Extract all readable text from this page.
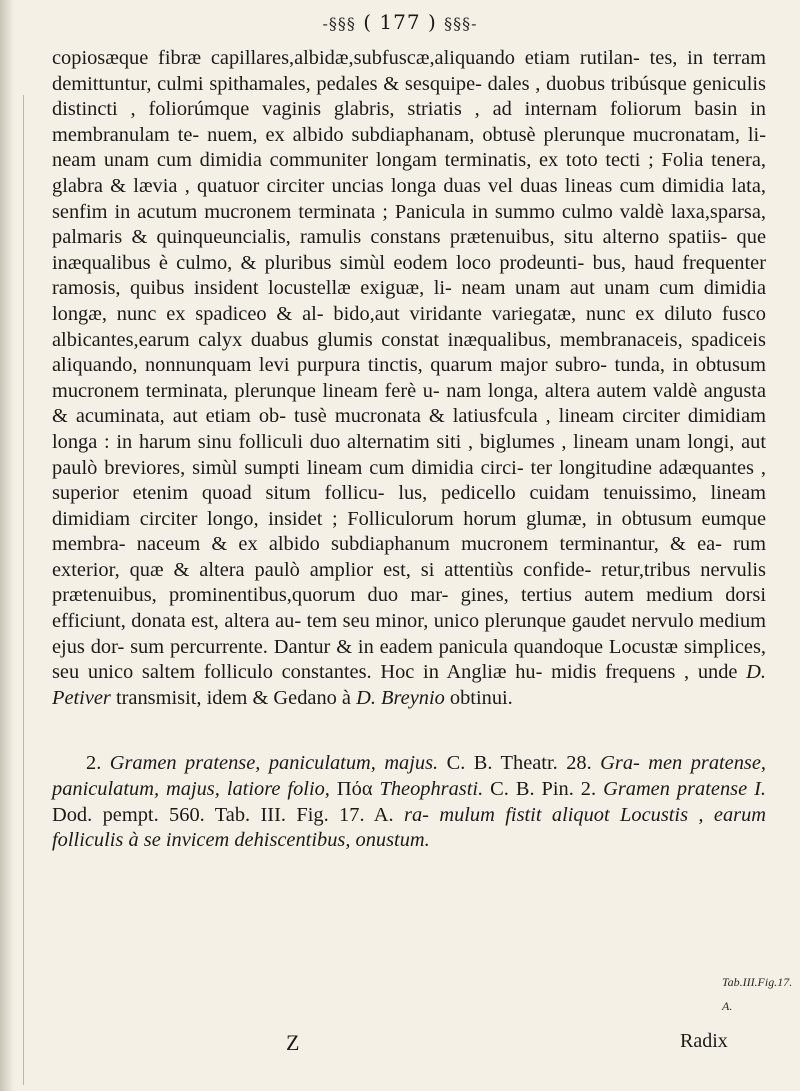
-§§§ ( 177 ) §§§-

copiosæque fibræ capillares,albidæ,subfuscæ,aliquando etiam rutilan- tes, in terram demittuntur, culmi spithamales, pedales & sesquipe- dales , duobus tribúsque geniculis distincti , foliorúmque vaginis glabris, striatis , ad internam foliorum basin in membranulam te- nuem, ex albido subdiaphanam, obtusè plerunque mucronatam, li- neam unam cum dimidia communiter longam terminatis, ex toto tecti ; Folia tenera, glabra & lævia , quatuor circiter uncias longa duas vel duas lineas cum dimidia lata, senfim in acutum mucronem terminata ; Panicula in summo culmo valdè laxa,sparsa, palmaris & quinqueuncialis, ramulis constans prætenuibus, situ alterno spatiis- que inæqualibus è culmo, & pluribus simùl eodem loco prodeunti- bus, haud frequenter ramosis, quibus insident locustellæ exiguæ, li- neam unam aut unam cum dimidia longæ, nunc ex spadiceo & al- bido,aut viridante variegatæ, nunc ex diluto fusco albicantes,earum calyx duabus glumis constat inæqualibus, membranaceis, spadiceis aliquando, nonnunquam levi purpura tinctis, quarum major subro- tunda, in obtusum mucronem terminata, plerunque lineam ferè u- nam longa, altera autem valdè angusta & acuminata, aut etiam ob- tusè mucronata & latiusfcula , lineam circiter dimidiam longa : in harum sinu folliculi duo alternatim siti , biglumes , lineam unam longi, aut paulò breviores, simùl sumpti lineam cum dimidia circi- ter longitudine adæquantes , superior etenim quoad situm follicu- lus, pedicello cuidam tenuissimo, lineam dimidiam circiter longo, insidet ; Folliculorum horum glumæ, in obtusum eumque membra- naceum & ex albido subdiaphanum mucronem terminantur, & ea- rum exterior, quæ & altera paulò amplior est, si attentiùs confide- retur,tribus nervulis prætenuibus, prominentibus,quorum duo mar- gines, tertius autem medium dorsi efficiunt, donata est, altera au- tem seu minor, unico plerunque gaudet nervulo medium ejus dor- sum percurrente. Dantur & in eadem panicula quandoque Locustæ simplices, seu unico saltem folliculo constantes. Hoc in Angliæ hu- midis frequens , unde D. Petiver transmisit, idem & Gedano à D. Breynio obtinui.

2. Gramen pratense, paniculatum, majus. C. B. Theatr. 28. Gra- men pratense, paniculatum, majus, latiore folio, Πόα Theophrasti. C. B. Pin. 2. Gramen pratense I. Dod. pempt. 560. Tab. III. Fig. 17. A. ra- mulum fistit aliquot Locustis , earum folliculis à se invicem dehiscentibus, onustum.

Tab.III.Fig.17. A.
Z	Radix
